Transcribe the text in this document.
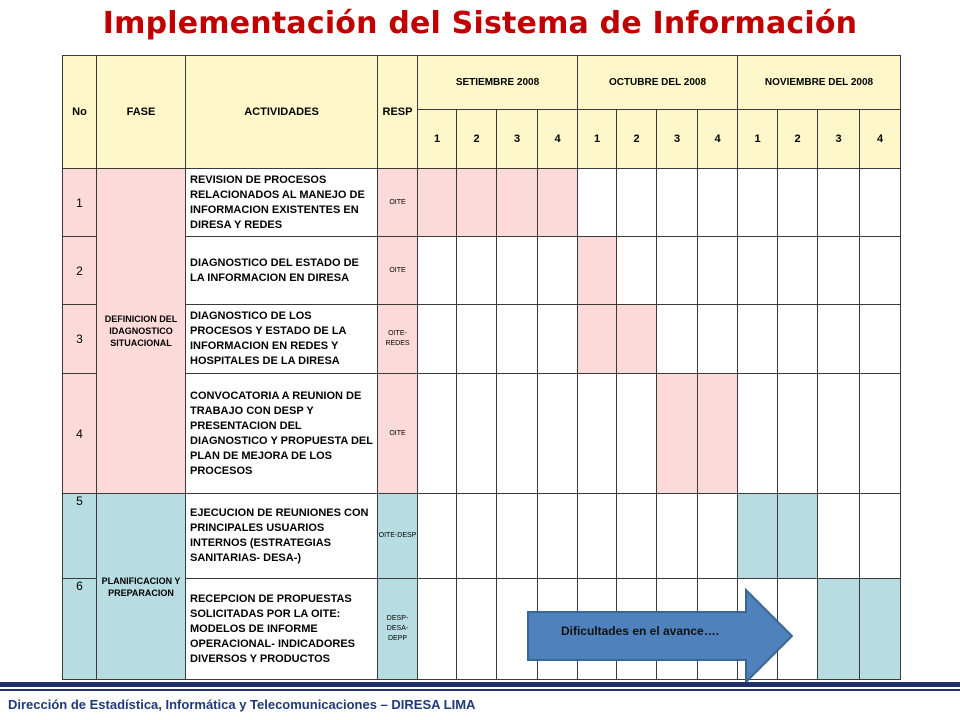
Implementación del Sistema de Información
No	FASE	ACTIVIDADES	RESP	SETIEMBRE 2008				OCTUBRE DEL 2008				NOVIEMBRE DEL 2008			
				1	2	3	4	1	2	3	4	1	2	3	4
1	DEFINICION DEL IDAGNOSTICO SITUACIONAL	REVISION DE PROCESOS RELACIONADOS AL MANEJO DE INFORMACION EXISTENTES EN DIRESA Y REDES	OITE												
2		DIAGNOSTICO DEL ESTADO DE LA INFORMACION EN DIRESA	OITE												
3		DIAGNOSTICO DE LOS PROCESOS Y ESTADO DE LA INFORMACION EN REDES Y HOSPITALES DE LA DIRESA	OITE-REDES												
4		CONVOCATORIA A REUNION DE TRABAJO CON DESP Y PRESENTACION DEL DIAGNOSTICO Y PROPUESTA DEL PLAN DE MEJORA DE LOS PROCESOS	OITE												
5	PLANIFICACION Y PREPARACION	EJECUCION DE REUNIONES CON PRINCIPALES USUARIOS INTERNOS (ESTRATEGIAS SANITARIAS- DESA-)	OITE-DESP												
6		RECEPCION DE PROPUESTAS SOLICITADAS POR LA OITE: MODELOS DE INFORME OPERACIONAL- INDICADORES DIVERSOS Y PRODUCTOS	DESP-DESA-DEPP												
Dificultades en el avance….
Dirección de Estadística, Informática y Telecomunicaciones – DIRESA LIMA
